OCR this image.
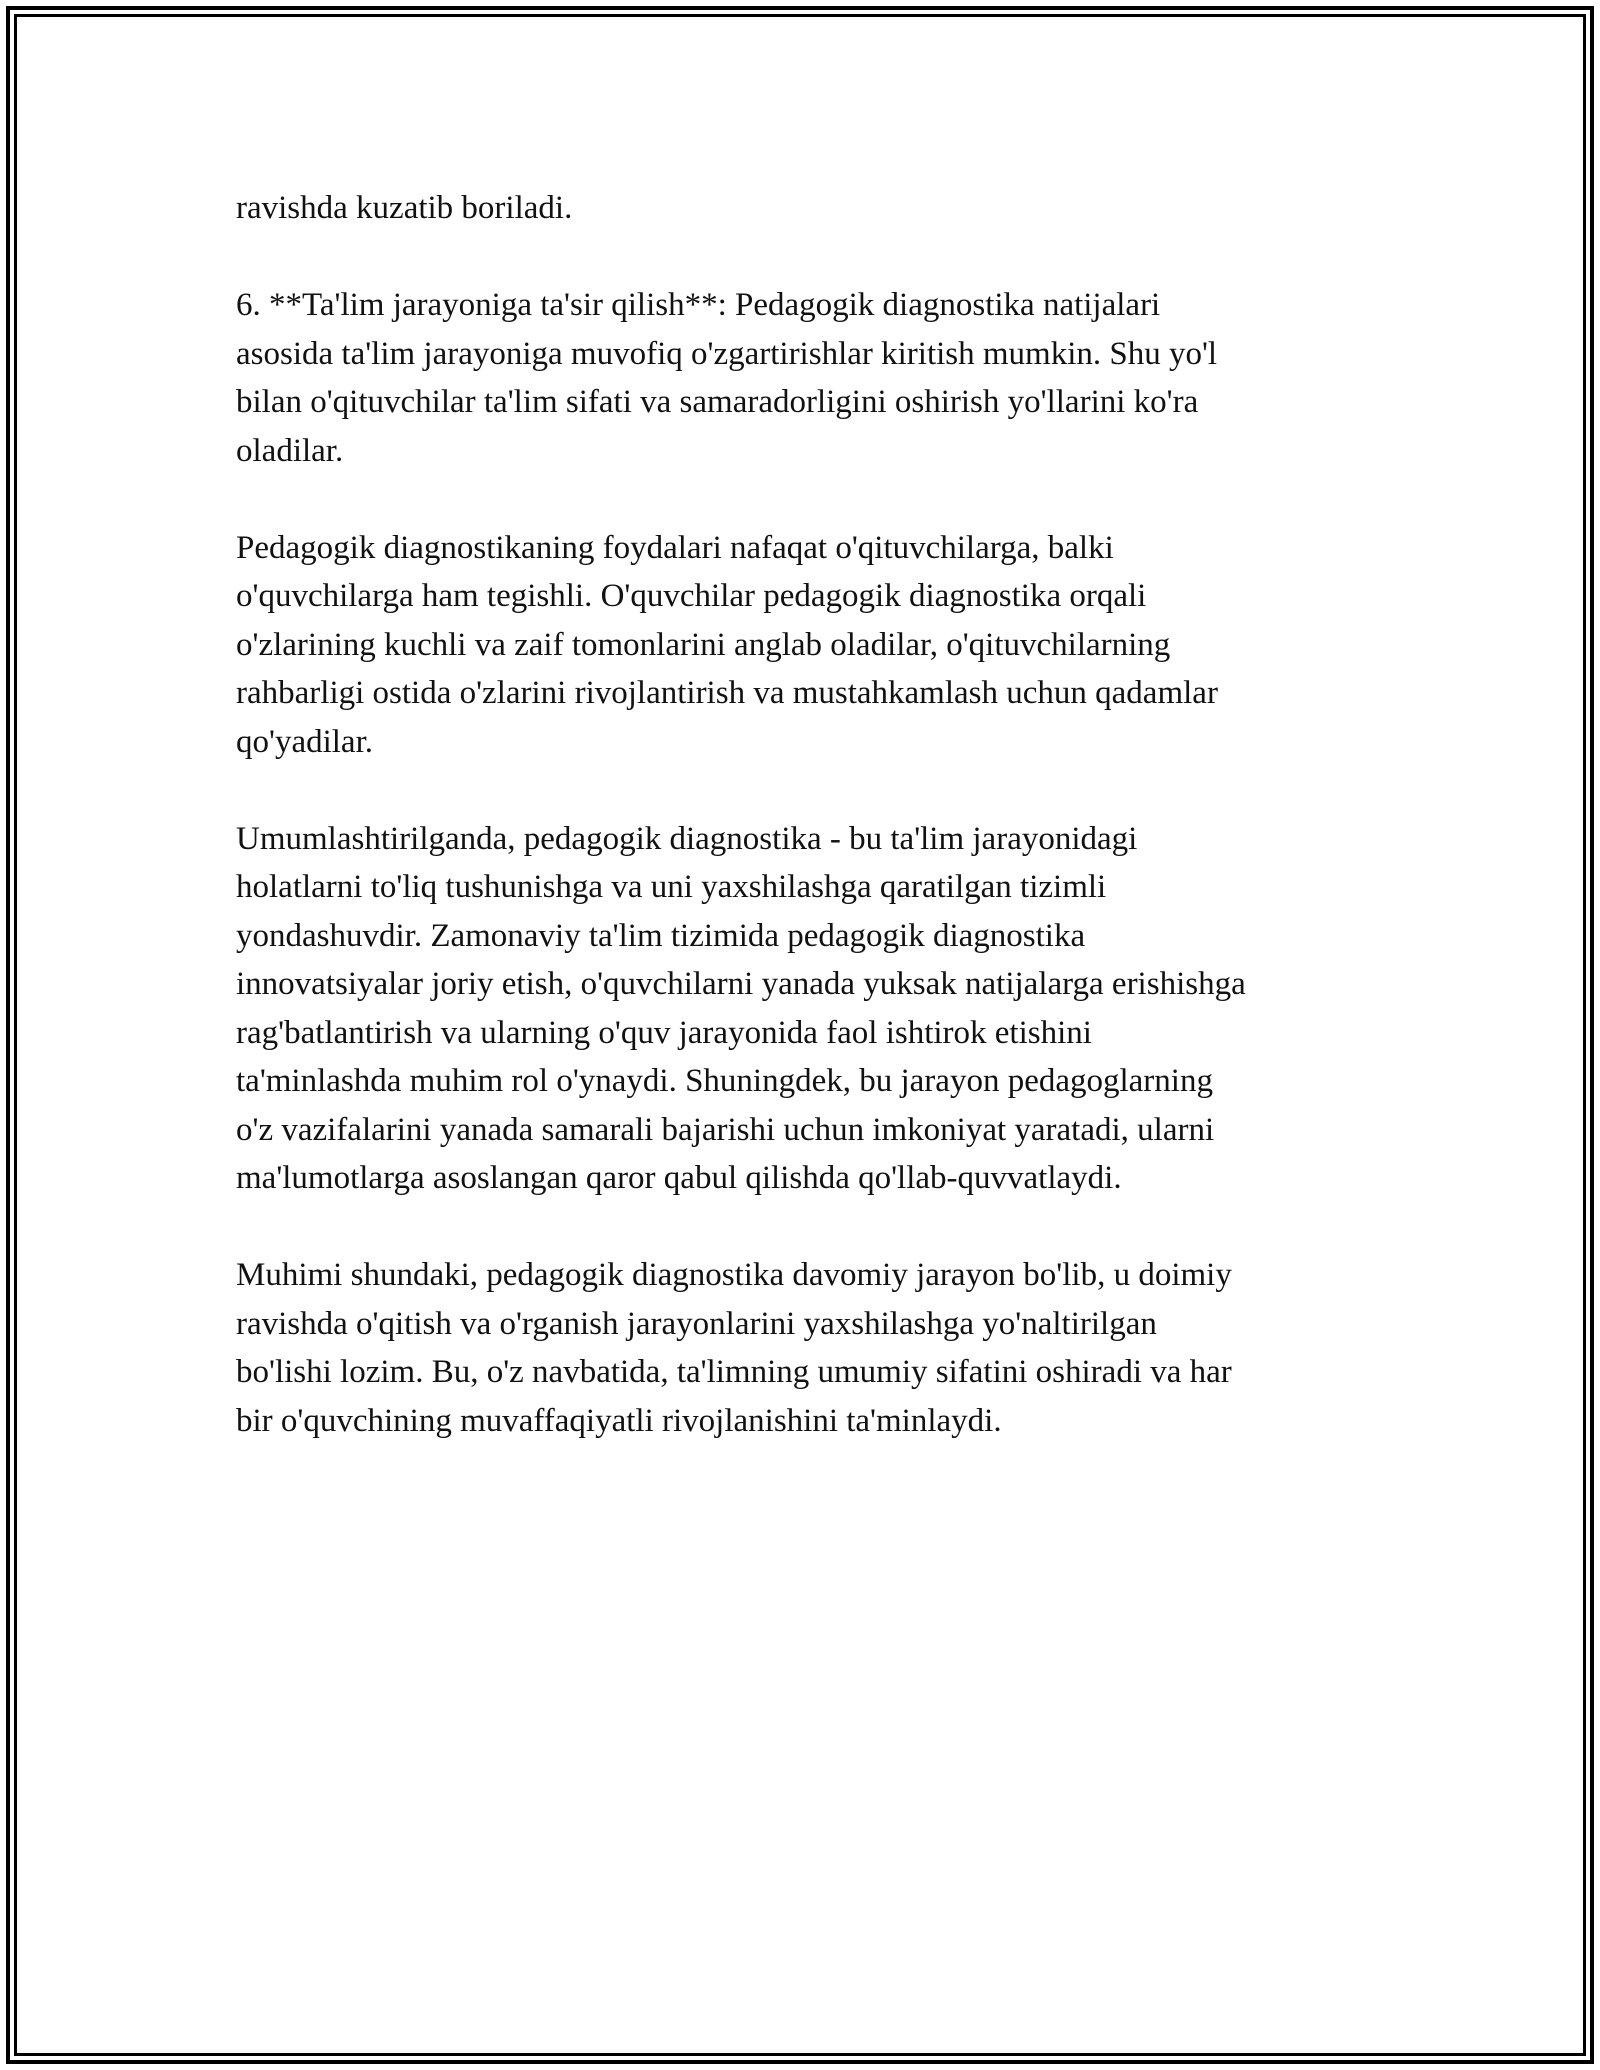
ravishda kuzatib boriladi.

6. **Ta'lim jarayoniga ta'sir qilish**: Pedagogik diagnostika natijalari
asosida ta'lim jarayoniga muvofiq o'zgartirishlar kiritish mumkin. Shu yo'l
bilan o'qituvchilar ta'lim sifati va samaradorligini oshirish yo'llarini ko'ra
oladilar.

Pedagogik diagnostikaning foydalari nafaqat o'qituvchilarga, balki
o'quvchilarga ham tegishli. O'quvchilar pedagogik diagnostika orqali
o'zlarining kuchli va zaif tomonlarini anglab oladilar, o'qituvchilarning
rahbarligi ostida o'zlarini rivojlantirish va mustahkamlash uchun qadamlar
qo'yadilar.

Umumlashtirilganda, pedagogik diagnostika - bu ta'lim jarayonidagi
holatlarni to'liq tushunishga va uni yaxshilashga qaratilgan tizimli
yondashuvdir. Zamonaviy ta'lim tizimida pedagogik diagnostika
innovatsiyalar joriy etish, o'quvchilarni yanada yuksak natijalarga erishishga
rag'batlantirish va ularning o'quv jarayonida faol ishtirok etishini
ta'minlashda muhim rol o'ynaydi. Shuningdek, bu jarayon pedagoglarning
o'z vazifalarini yanada samarali bajarishi uchun imkoniyat yaratadi, ularni
ma'lumotlarga asoslangan qaror qabul qilishda qo'llab-quvvatlaydi.

Muhimi shundaki, pedagogik diagnostika davomiy jarayon bo'lib, u doimiy
ravishda o'qitish va o'rganish jarayonlarini yaxshilashga yo'naltirilgan
bo'lishi lozim. Bu, o'z navbatida, ta'limning umumiy sifatini oshiradi va har
bir o'quvchining muvaffaqiyatli rivojlanishini ta'minlaydi.
